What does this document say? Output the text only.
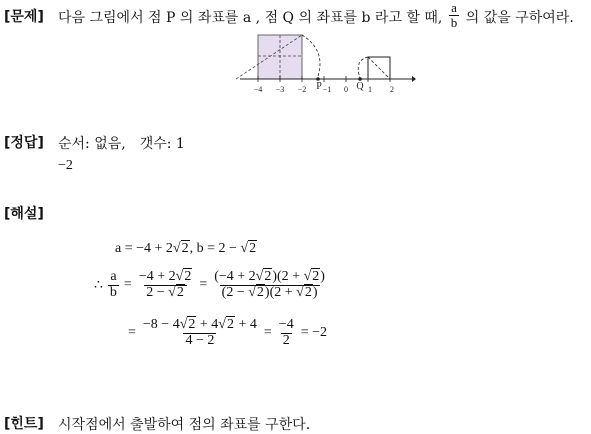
[문제] 다음 그림에서 점 P 의 좌표를 a , 점 Q 의 좌표를 b 라고 할 때, $\frac{a}{b}$ 의 값을 구하여라.
−4 −3 −2 −1 0	1 2
P	Q
[정답] 순서: 없음,　갯수: 1
−2
[해설]
a = −4 + 2√2, b = 2 − √2
∴ $\frac{a}{b} = \frac{-4 + 2√2}{2 - √2} = \frac{(-4 + 2√2)(2 + √2)}{(2 - √2)(2 + √2)}$
= $\frac{-8 - 4√2 + 4√2 + 4}{4 - 2} = \frac{-4}{2} = -2$
[힌트] 시작점에서 출발하여 점의 좌표를 구한다.
